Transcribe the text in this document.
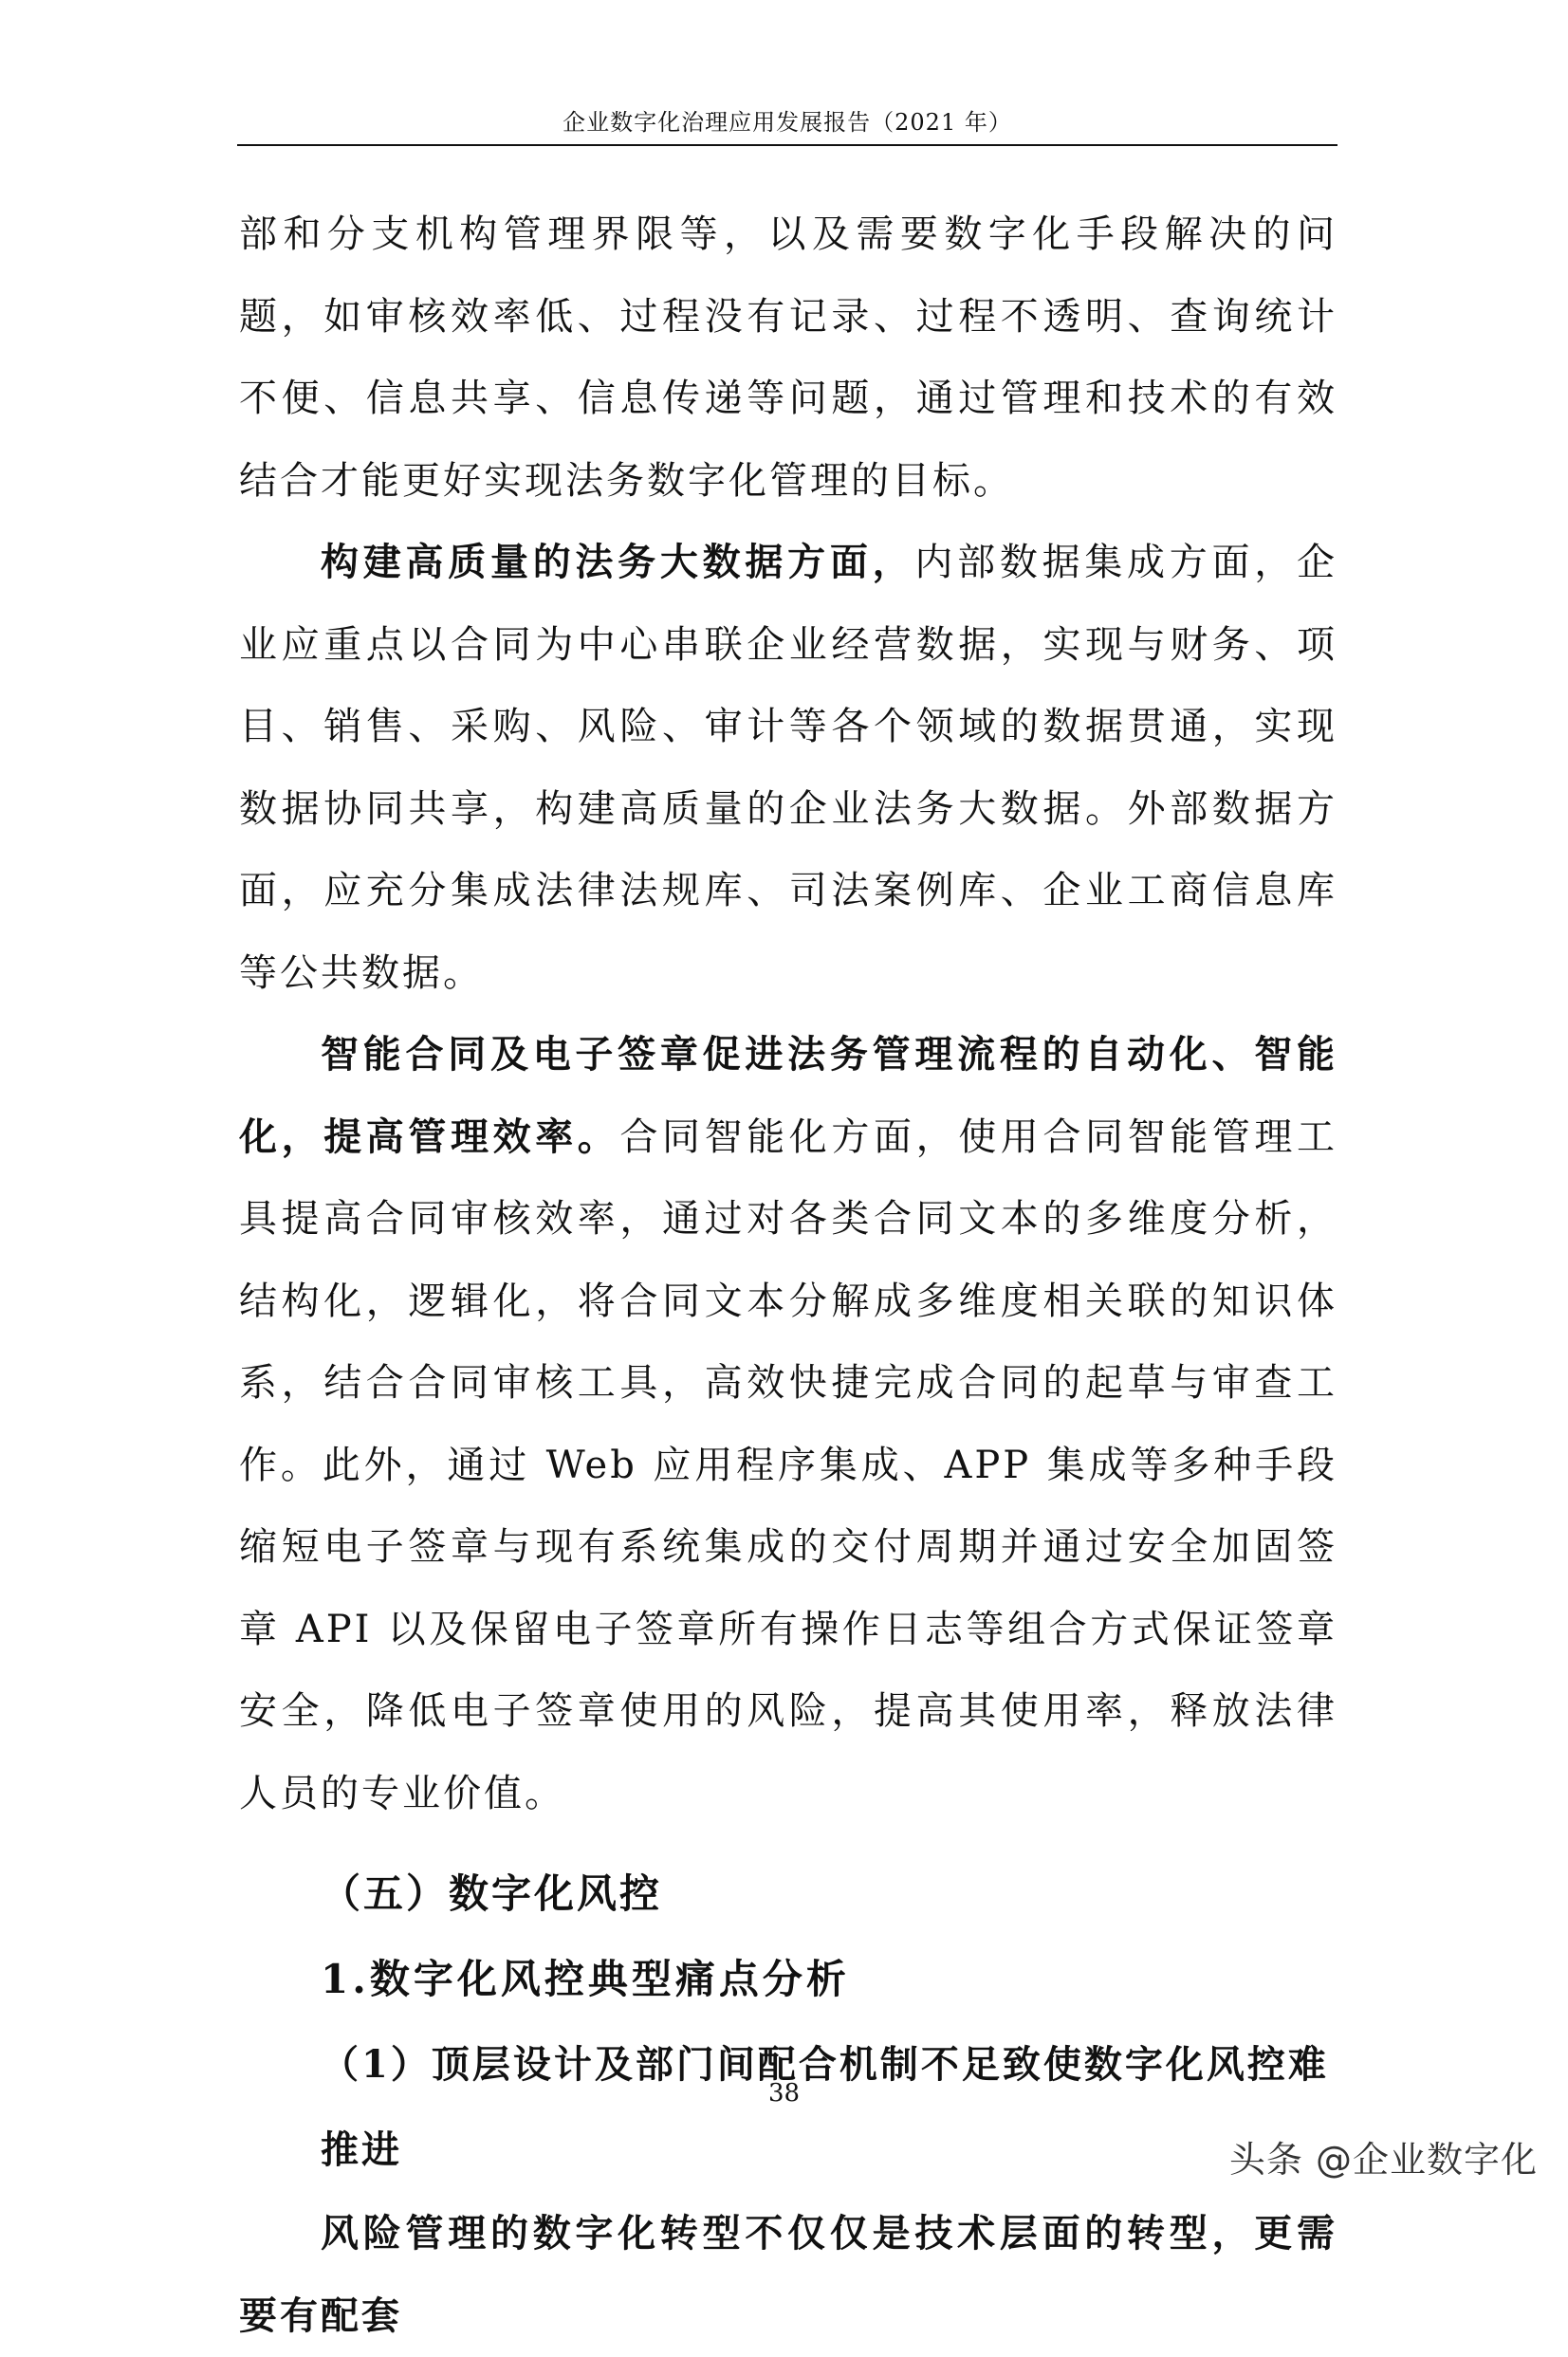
企业数字化治理应用发展报告（2021 年）

部和分支机构管理界限等，以及需要数字化手段解决的问题，如审核效率低、过程没有记录、过程不透明、查询统计不便、信息共享、信息传递等问题，通过管理和技术的有效结合才能更好实现法务数字化管理的目标。

构建高质量的法务大数据方面，内部数据集成方面，企业应重点以合同为中心串联企业经营数据，实现与财务、项目、销售、采购、风险、审计等各个领域的数据贯通，实现数据协同共享，构建高质量的企业法务大数据。外部数据方面，应充分集成法律法规库、司法案例库、企业工商信息库等公共数据。

智能合同及电子签章促进法务管理流程的自动化、智能化，提高管理效率。合同智能化方面，使用合同智能管理工具提高合同审核效率，通过对各类合同文本的多维度分析，结构化，逻辑化，将合同文本分解成多维度相关联的知识体系，结合合同审核工具，高效快捷完成合同的起草与审查工作。此外，通过 Web 应用程序集成、APP 集成等多种手段缩短电子签章与现有系统集成的交付周期并通过安全加固签章 API 以及保留电子签章所有操作日志等组合方式保证签章安全，降低电子签章使用的风险，提高其使用率，释放法律人员的专业价值。

（五）数字化风控
1.数字化风控典型痛点分析
（1）顶层设计及部门间配合机制不足致使数字化风控难推进

风险管理的数字化转型不仅仅是技术层面的转型，更需要有配套

38
头条 @企业数字化
